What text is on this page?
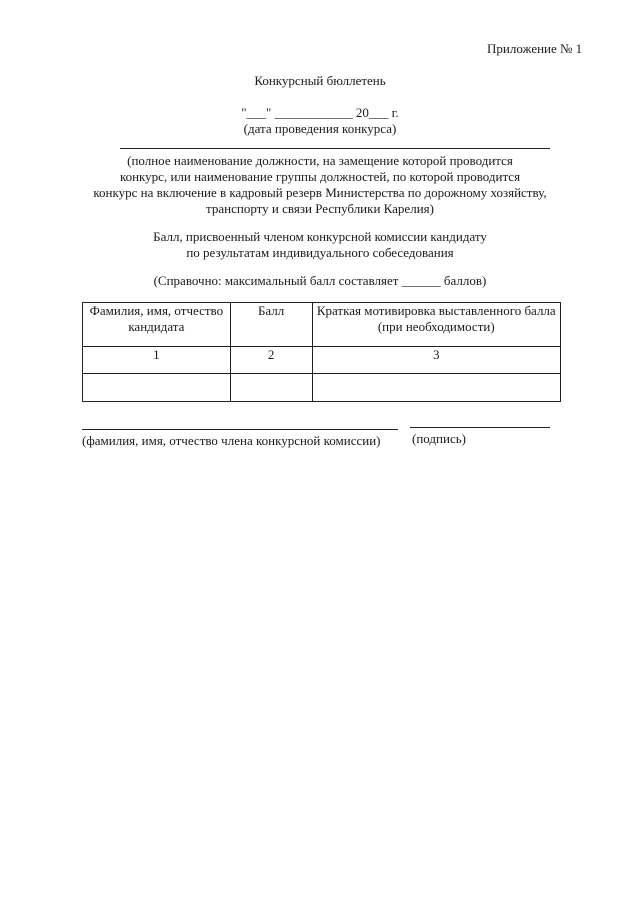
Приложение № 1
Конкурсный бюллетень
"___" ____________ 20___ г.
(дата проведения конкурса)
(полное наименование должности, на замещение которой проводится
конкурс, или наименование группы должностей, по которой проводится
конкурс на включение в кадровый резерв Министерства по дорожному хозяйству,
транспорту и связи Республики Карелия)
Балл, присвоенный членом конкурсной комиссии кандидату
по результатам индивидуального собеседования
(Справочно: максимальный балл составляет ______ баллов)
Фамилия, имя, отчество кандидата	Балл	Краткая мотивировка выставленного балла (при необходимости)
1	2	3

(фамилия, имя, отчество члена конкурсной комиссии) (подпись)
